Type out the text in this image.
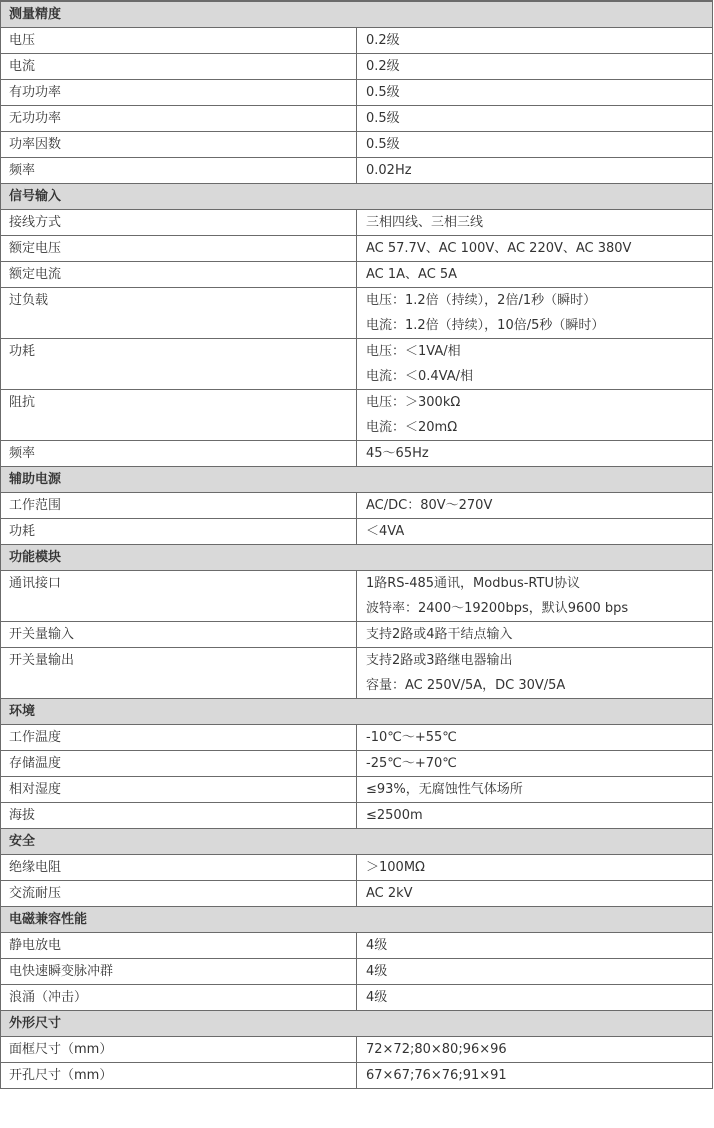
测量精度	
电压	0.2级

电流	0.2级

有功功率	0.5级

无功功率	0.5级

功率因数	0.5级

频率	0.02Hz

信号输入	
接线方式	三相四线、三相三线

额定电压	AC 57.7V、AC 100V、AC 220V、AC 380V

额定电流	AC 1A、AC 5A

过负载	电压：1.2倍（持续），2倍/1秒（瞬时）
电流：1.2倍（持续），10倍/5秒（瞬时）

功耗	电压：＜1VA/相
电流：＜0.4VA/相

阻抗	电压：＞300kΩ
电流：＜20mΩ

频率	45～65Hz

辅助电源	
工作范围	AC/DC：80V～270V

功耗	＜4VA

功能模块	
通讯接口	1路RS-485通讯，Modbus-RTU协议
波特率：2400～19200bps，默认9600 bps

开关量输入	支持2路或4路干结点输入

开关量输出	支持2路或3路继电器输出
容量：AC 250V/5A，DC 30V/5A

环境	
工作温度	-10℃～+55℃

存储温度	-25℃～+70℃

相对湿度	≤93%，无腐蚀性气体场所

海拔	≤2500m

安全	
绝缘电阻	＞100MΩ

交流耐压	AC 2kV

电磁兼容性能	
静电放电	4级

电快速瞬变脉冲群	4级

浪涌（冲击）	4级

外形尺寸	
面框尺寸（mm）	72×72;80×80;96×96

开孔尺寸（mm）	67×67;76×76;91×91
